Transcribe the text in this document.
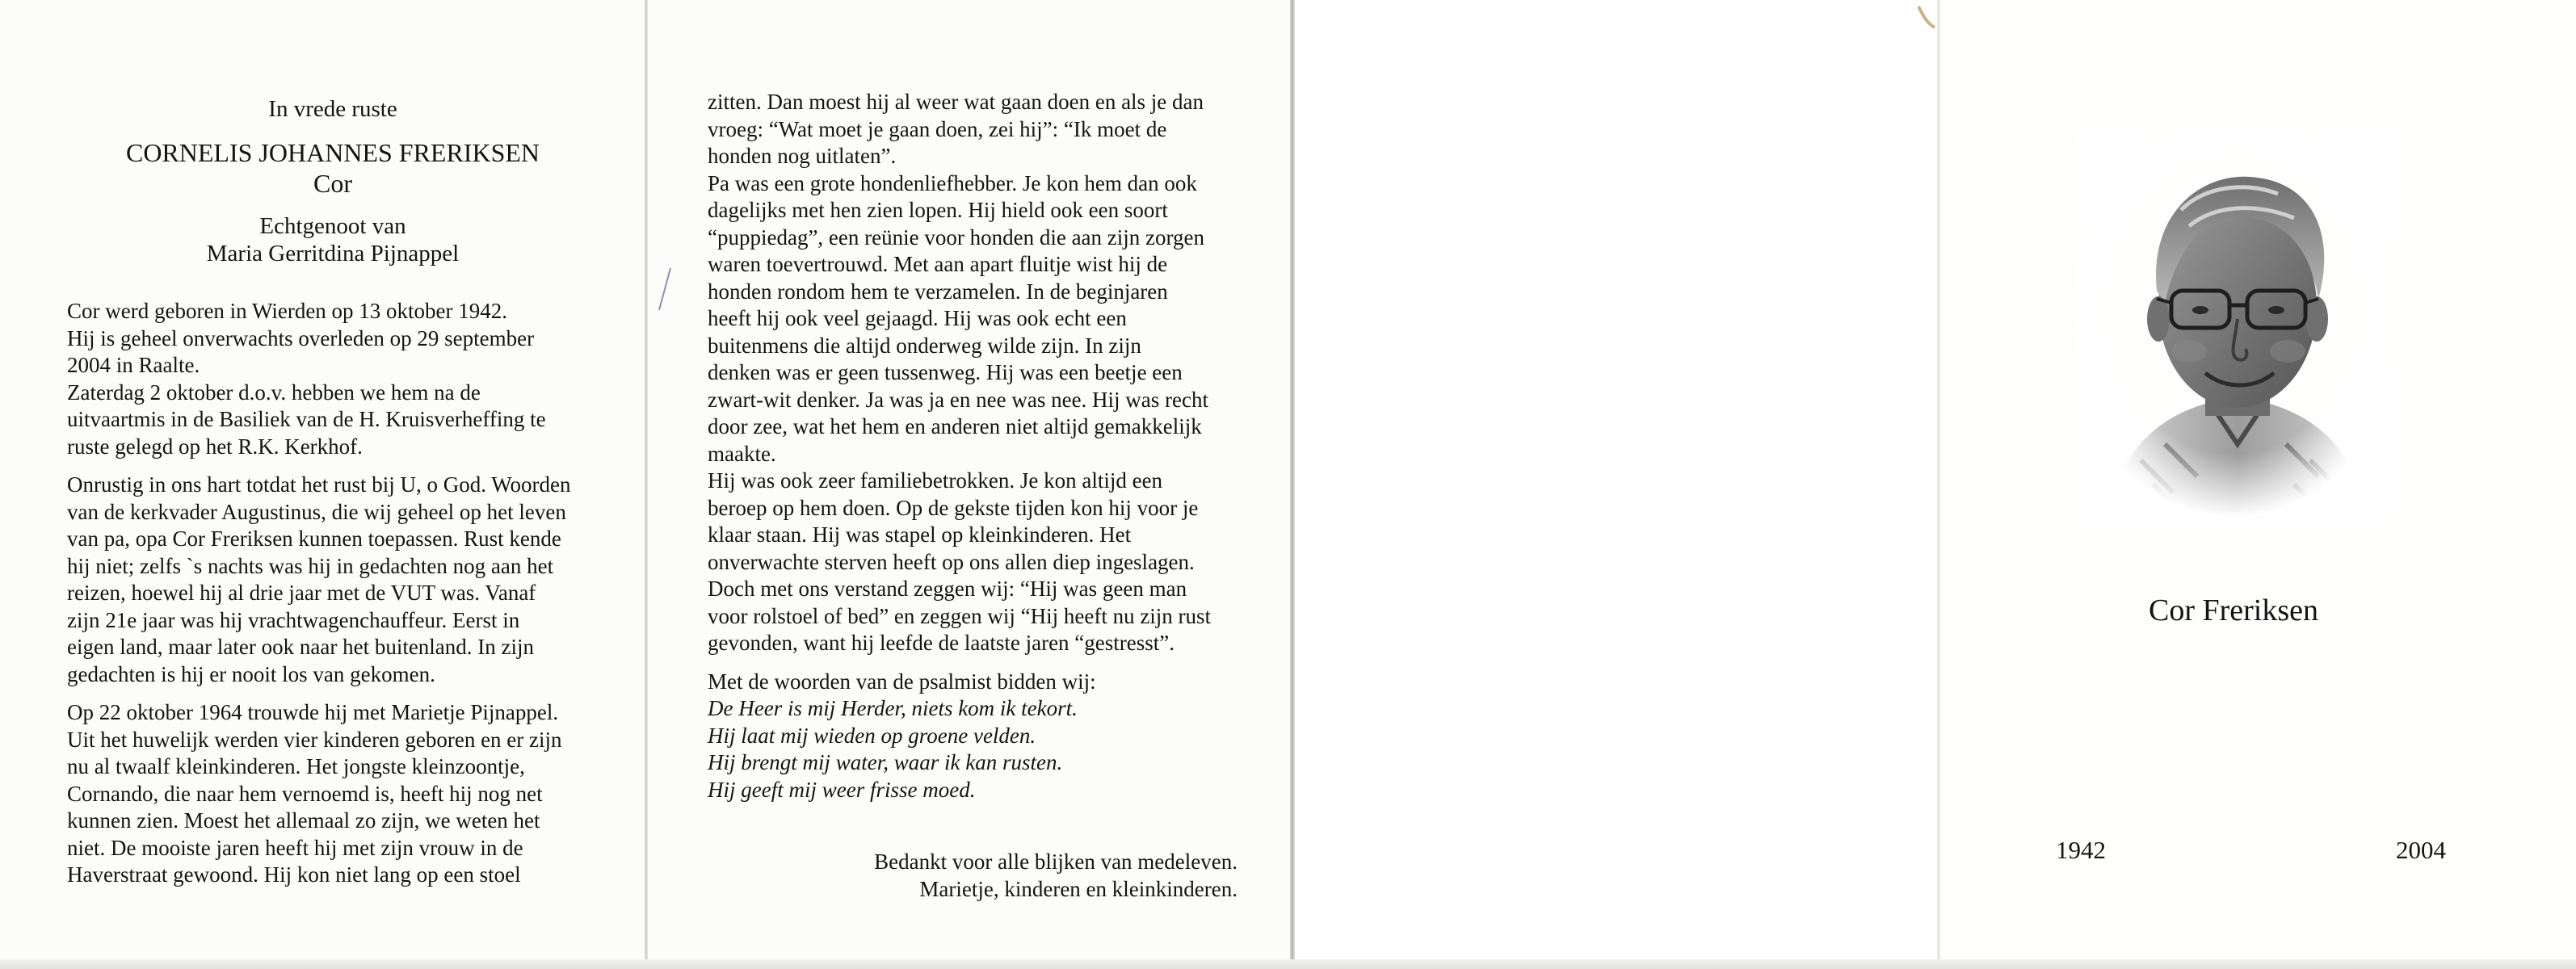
In vrede ruste
CORNELIS JOHANNES FRERIKSEN
Cor
Echtgenoot van
Maria Gerritdina Pijnappel

Cor werd geboren in Wierden op 13 oktober 1942.
Hij is geheel onverwachts overleden op 29 september
2004 in Raalte.
Zaterdag 2 oktober d.o.v. hebben we hem na de
uitvaartmis in de Basiliek van de H. Kruisverheffing te
ruste gelegd op het R.K. Kerkhof.

Onrustig in ons hart totdat het rust bij U, o God. Woorden
van de kerkvader Augustinus, die wij geheel op het leven
van pa, opa Cor Freriksen kunnen toepassen. Rust kende
hij niet; zelfs `s nachts was hij in gedachten nog aan het
reizen, hoewel hij al drie jaar met de VUT was. Vanaf
zijn 21e jaar was hij vrachtwagenchauffeur. Eerst in
eigen land, maar later ook naar het buitenland. In zijn
gedachten is hij er nooit los van gekomen.

Op 22 oktober 1964 trouwde hij met Marietje Pijnappel.
Uit het huwelijk werden vier kinderen geboren en er zijn
nu al twaalf kleinkinderen. Het jongste kleinzoontje,
Cornando, die naar hem vernoemd is, heeft hij nog net
kunnen zien. Moest het allemaal zo zijn, we weten het
niet. De mooiste jaren heeft hij met zijn vrouw in de
Haverstraat gewoond. Hij kon niet lang op een stoel

zitten. Dan moest hij al weer wat gaan doen en als je dan
vroeg: “Wat moet je gaan doen, zei hij”: “Ik moet de
honden nog uitlaten”.
Pa was een grote hondenliefhebber. Je kon hem dan ook
dagelijks met hen zien lopen. Hij hield ook een soort
“puppiedag”, een reünie voor honden die aan zijn zorgen
waren toevertrouwd. Met aan apart fluitje wist hij de
honden rondom hem te verzamelen. In de beginjaren
heeft hij ook veel gejaagd. Hij was ook echt een
buitenmens die altijd onderweg wilde zijn. In zijn
denken was er geen tussenweg. Hij was een beetje een
zwart-wit denker. Ja was ja en nee was nee. Hij was recht
door zee, wat het hem en anderen niet altijd gemakkelijk
maakte.
Hij was ook zeer familiebetrokken. Je kon altijd een
beroep op hem doen. Op de gekste tijden kon hij voor je
klaar staan. Hij was stapel op kleinkinderen. Het
onverwachte sterven heeft op ons allen diep ingeslagen.
Doch met ons verstand zeggen wij: “Hij was geen man
voor rolstoel of bed” en zeggen wij “Hij heeft nu zijn rust
gevonden, want hij leefde de laatste jaren “gestresst”.

Met de woorden van de psalmist bidden wij:

De Heer is mij Herder, niets kom ik tekort.
Hij laat mij wieden op groene velden.
Hij brengt mij water, waar ik kan rusten.
Hij geeft mij weer frisse moed.

Bedankt voor alle blijken van medeleven.
Marietje, kinderen en kleinkinderen.
Cor Freriksen
1942	2004
